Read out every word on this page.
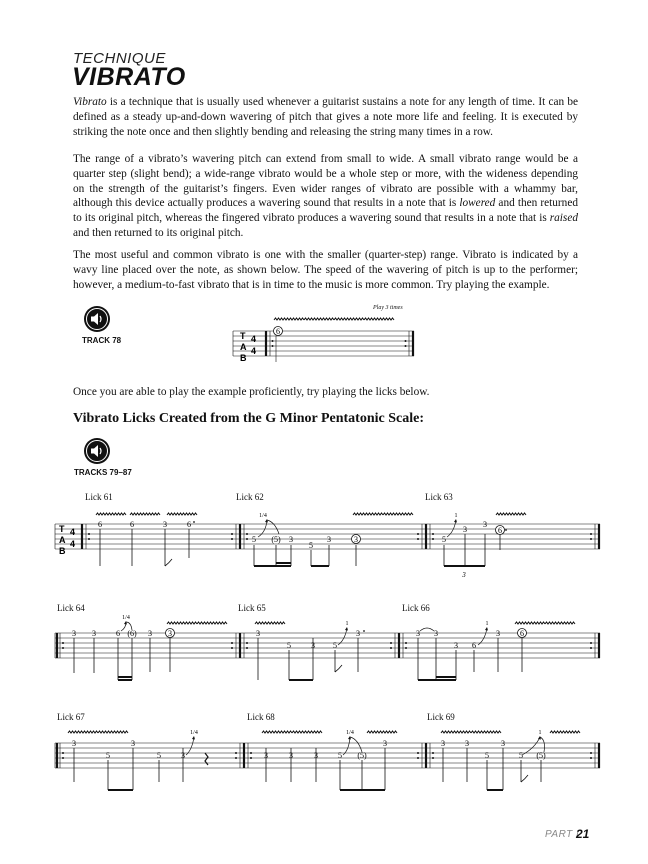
TECHNIQUE
VIBRATO

Vibrato is a technique that is usually used whenever a guitarist sustains a note for any length of time. It can be defined as a steady up-and-down wavering of pitch that gives a note more life and feeling. It is executed by striking the note once and then slightly bending and releasing the string many times in a row.

The range of a vibrato’s wavering pitch can extend from small to wide. A small vibrato range would be a quarter step (slight bend); a wide-range vibrato would be a whole step or more, with the wideness depending on the strength of the guitarist’s fingers. Even wider ranges of vibrato are possible with a whammy bar, although this device actually produces a wavering sound that results in a note that is lowered and then returned to its original pitch, whereas the fingered vibrato produces a wavering sound that results in a note that is raised and then returned to its original pitch.

The most useful and common vibrato is one with the smaller (quarter-step) range. Vibrato is indicated by a wavy line placed over the note, as shown below. The speed of the wavering of pitch is up to the performer; however, a medium-to-fast vibrato that is in time to the music is more common. Try playing the example.

TRACK 78
Play 3 times

Once you are able to play the example proficiently, try playing the licks below.

Vibrato Licks Created from the G Minor Pentatonic Scale:
TRACKS 79–87
Lick 61	Lick 62	Lick 63
Lick 64	Lick 65	Lick 66
Lick 67	Lick 68	Lick 69
T
A
B
4
4
6
T
A
B
4
4
6	6	3	6
1/4
5 (5) 3
5
3	3
1
3
5
3
3
6
1/4
3 3	6 (6) 3 3
1
3
5	3 5
3
1
3 3
3 6
3	6
1/4
3
5
3
5	3
1/4
3	3	3	5 (5)
3
1
3	3
5
3
5 (5)
PART I
21
